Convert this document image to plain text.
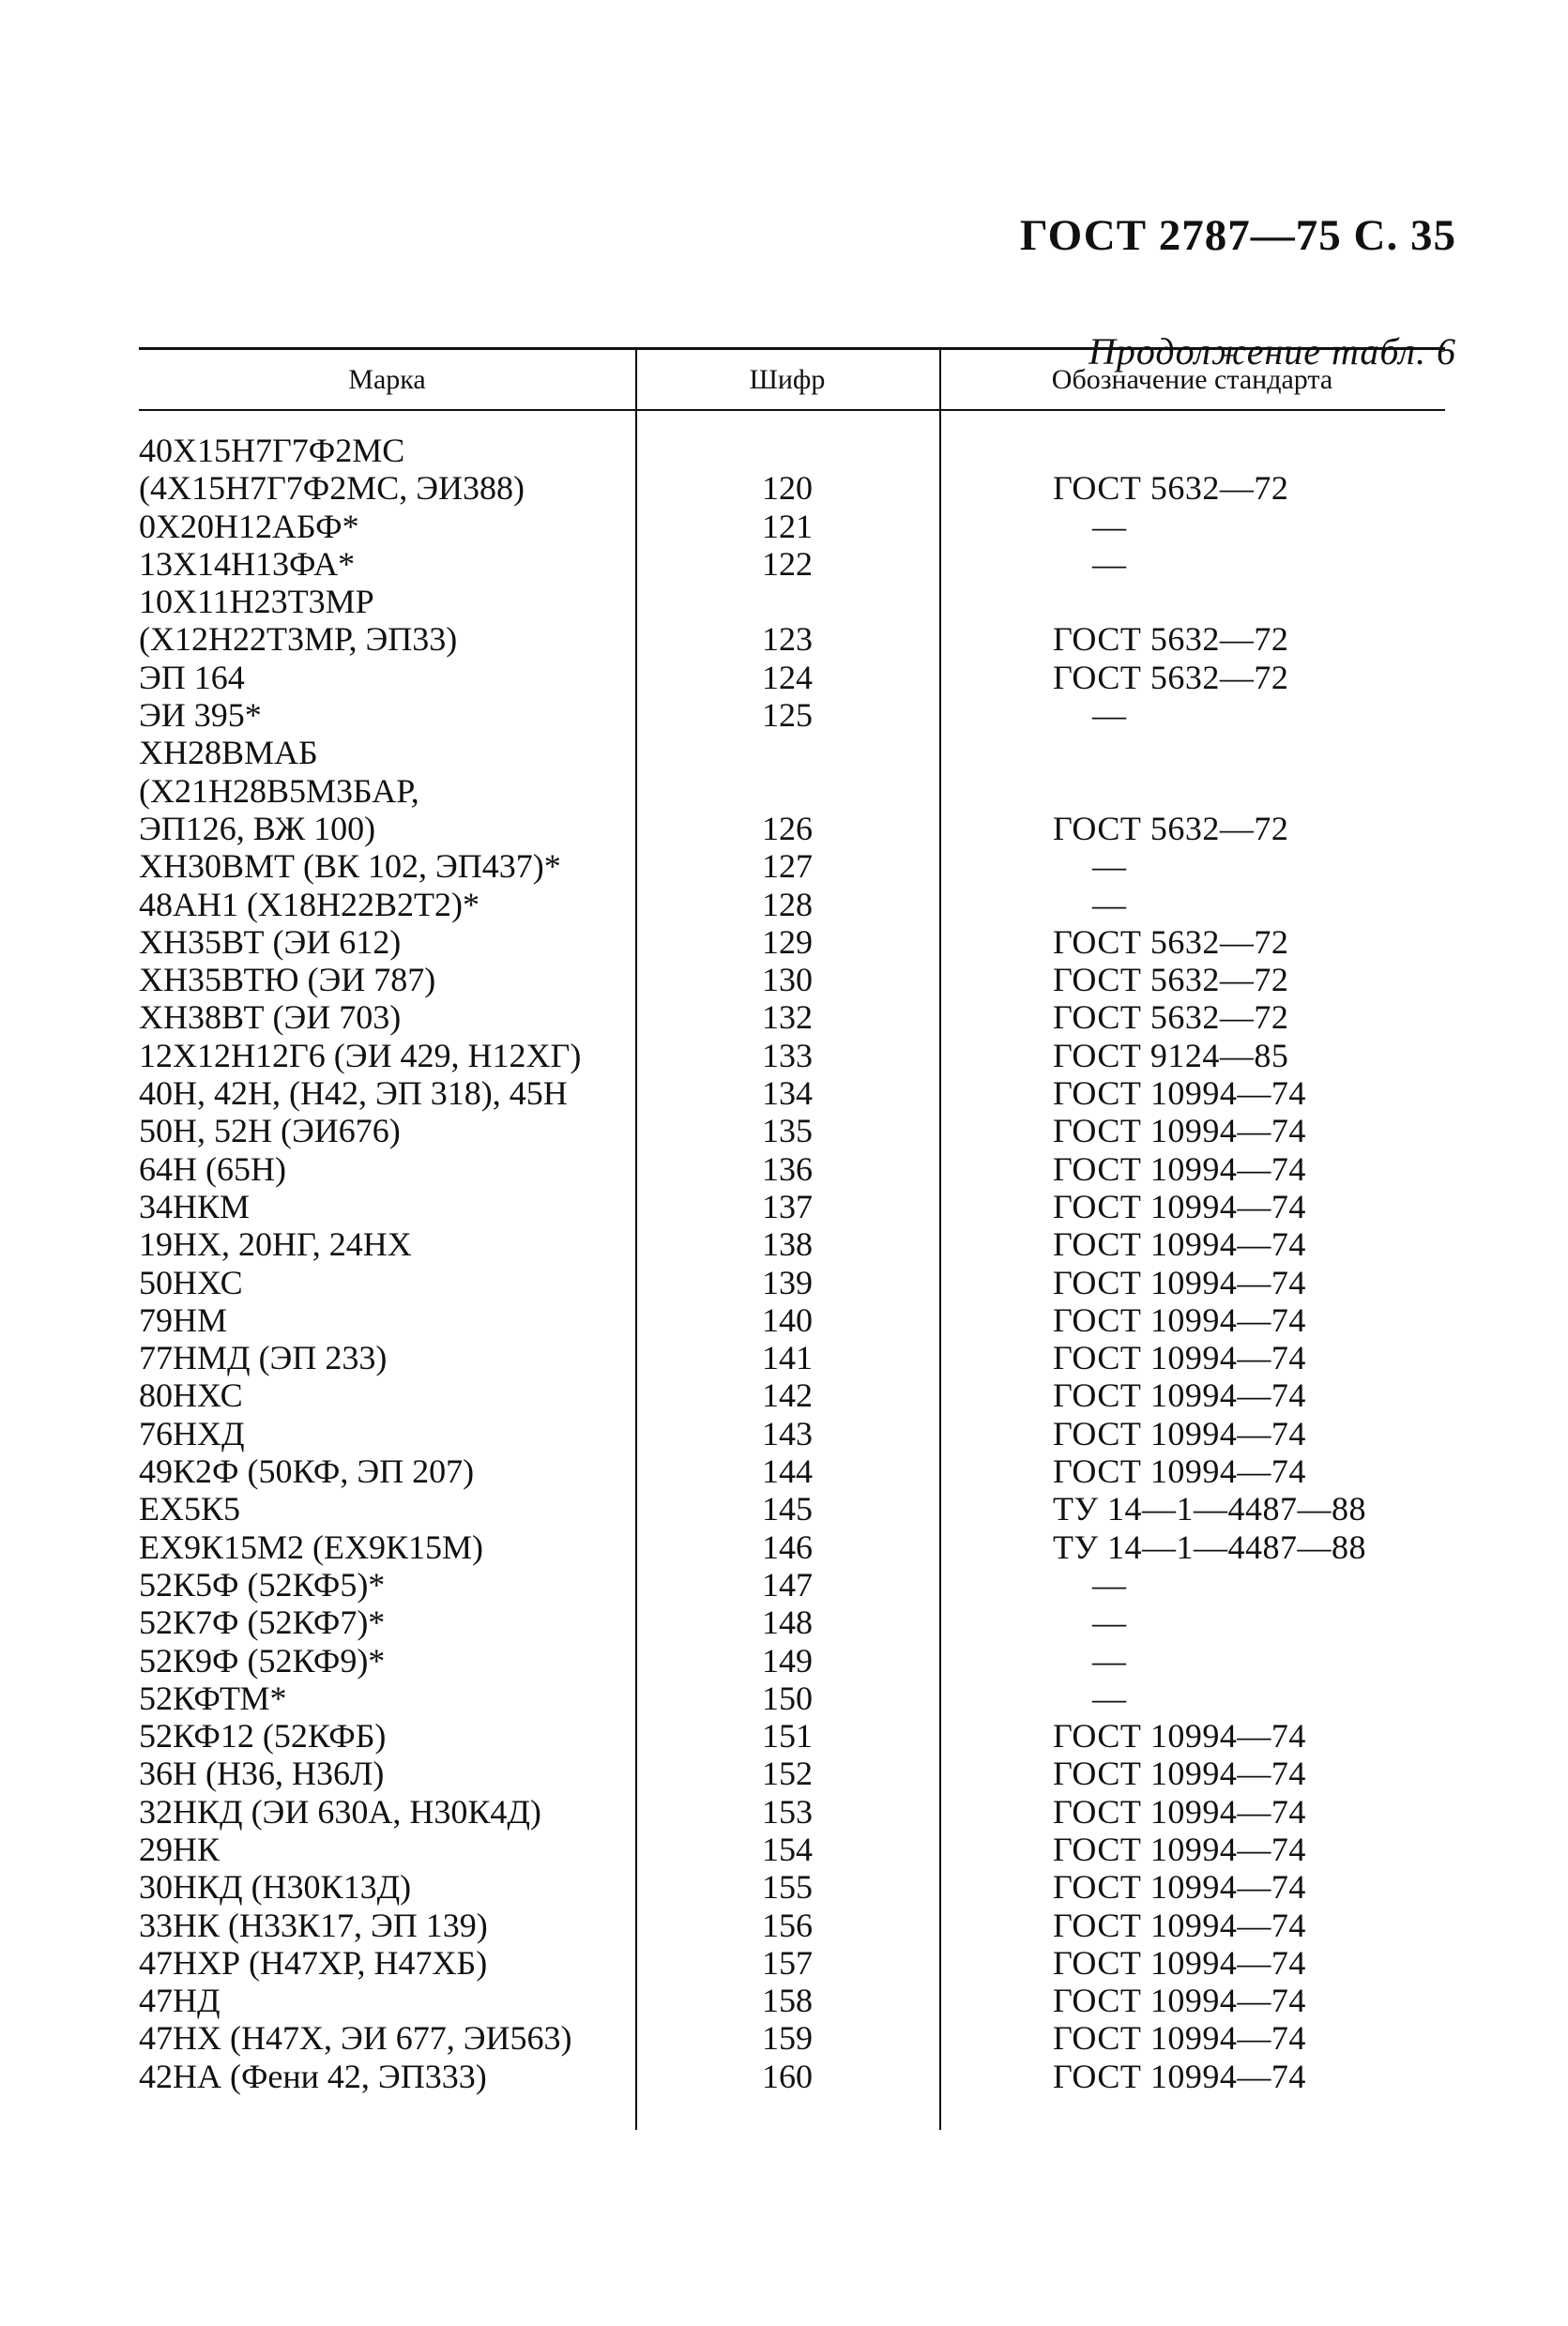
ГОСТ 2787—75 С. 35
Продолжение табл. 6
Марка	Шифр	Обозначение стандарта
40Х15Н7Г7Ф2МС
(4Х15Н7Г7Ф2МС, ЭИ388)	120	ГОСТ 5632—72
0Х20Н12АБФ*	121	—
13Х14Н13ФА*	122	—
10Х11Н23Т3МР
(Х12Н22Т3МР, ЭП33)	123	ГОСТ 5632—72
ЭП 164	124	ГОСТ 5632—72
ЭИ 395*	125	—
ХН28ВМАБ
(Х21Н28В5М3БАР,
ЭП126, ВЖ 100)	126	ГОСТ 5632—72
ХН30ВМТ (ВК 102, ЭП437)*	127	—
48АН1 (Х18Н22В2Т2)*	128	—
ХН35ВТ (ЭИ 612)	129	ГОСТ 5632—72
ХН35ВТЮ (ЭИ 787)	130	ГОСТ 5632—72
ХН38ВТ (ЭИ 703)	132	ГОСТ 5632—72
12Х12Н12Г6 (ЭИ 429, Н12ХГ)	133	ГОСТ 9124—85
40Н, 42Н, (Н42, ЭП 318), 45Н	134	ГОСТ 10994—74
50Н, 52Н (ЭИ676)	135	ГОСТ 10994—74
64Н (65Н)	136	ГОСТ 10994—74
34НКМ	137	ГОСТ 10994—74
19НХ, 20НГ, 24НХ	138	ГОСТ 10994—74
50НХС	139	ГОСТ 10994—74
79НМ	140	ГОСТ 10994—74
77НМД (ЭП 233)	141	ГОСТ 10994—74
80НХС	142	ГОСТ 10994—74
76НХД	143	ГОСТ 10994—74
49К2Ф (50КФ, ЭП 207)	144	ГОСТ 10994—74
ЕХ5К5	145	ТУ 14—1—4487—88
ЕХ9К15М2 (ЕХ9К15М)	146	ТУ 14—1—4487—88
52К5Ф (52КФ5)*	147	—
52К7Ф (52КФ7)*	148	—
52К9Ф (52КФ9)*	149	—
52КФТМ*	150	—
52КФ12 (52КФБ)	151	ГОСТ 10994—74
36Н (Н36, Н36Л)	152	ГОСТ 10994—74
32НКД (ЭИ 630А, Н30К4Д)	153	ГОСТ 10994—74
29НК	154	ГОСТ 10994—74
30НКД (Н30К13Д)	155	ГОСТ 10994—74
33НК (Н33К17, ЭП 139)	156	ГОСТ 10994—74
47НХР (Н47ХР, Н47ХБ)	157	ГОСТ 10994—74
47НД	158	ГОСТ 10994—74
47НХ (Н47Х, ЭИ 677, ЭИ563)	159	ГОСТ 10994—74
42НА (Фени 42, ЭП333)	160	ГОСТ 10994—74
